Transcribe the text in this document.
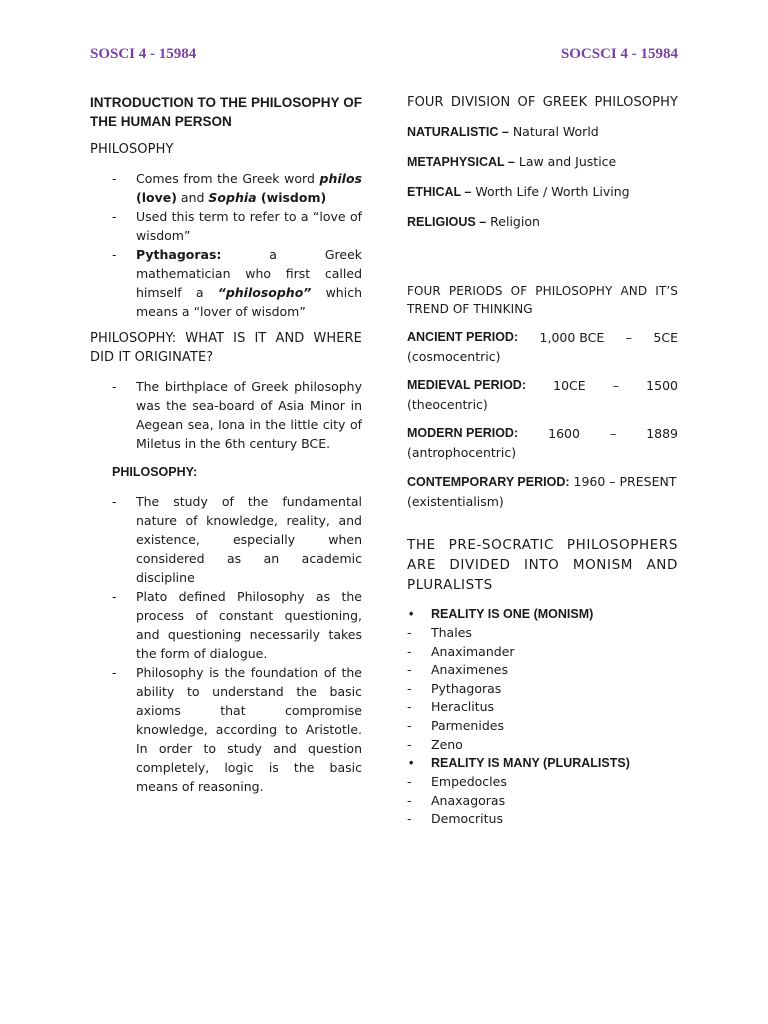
SOSCI 4 - 15984	SOCSCI 4 - 15984
INTRODUCTION TO THE PHILOSOPHY OF THE HUMAN PERSON
PHILOSOPHY
- Comes from the Greek word philos (love) and Sophia (wisdom)
- Used this term to refer to a “love of wisdom”
- Pythagoras: a Greek mathematician who first called himself a “philosopho” which means a “lover of wisdom”
PHILOSOPHY: WHAT IS IT AND WHERE DID IT ORIGINATE?
- The birthplace of Greek philosophy was the sea-board of Asia Minor in Aegean sea, Iona in the little city of Miletus in the 6th century BCE.
PHILOSOPHY:
- The study of the fundamental nature of knowledge, reality, and existence, especially when considered as an academic discipline
- Plato defined Philosophy as the process of constant questioning, and questioning necessarily takes the form of dialogue.
- Philosophy is the foundation of the ability to understand the basic axioms that compromise knowledge, according to Aristotle. In order to study and question completely, logic is the basic means of reasoning.
FOUR DIVISION OF GREEK PHILOSOPHY
NATURALISTIC – Natural World
METAPHYSICAL – Law and Justice
ETHICAL – Worth Life / Worth Living
RELIGIOUS – Religion
FOUR PERIODS OF PHILOSOPHY AND IT’S TREND OF THINKING
ANCIENT PERIOD: 1,000 BCE – 5CE
(cosmocentric)
MEDIEVAL PERIOD: 10CE – 1500
(theocentric)
MODERN PERIOD: 1600 – 1889
(antrophocentric)
CONTEMPORARY PERIOD: 1960 – PRESENT
(existentialism)
THE PRE-SOCRATIC PHILOSOPHERS ARE DIVIDED INTO MONISM AND PLURALISTS
• REALITY IS ONE (MONISM)
- Thales
- Anaximander
- Anaximenes
- Pythagoras
- Heraclitus
- Parmenides
- Zeno
• REALITY IS MANY (PLURALISTS)
- Empedocles
- Anaxagoras
- Democritus
